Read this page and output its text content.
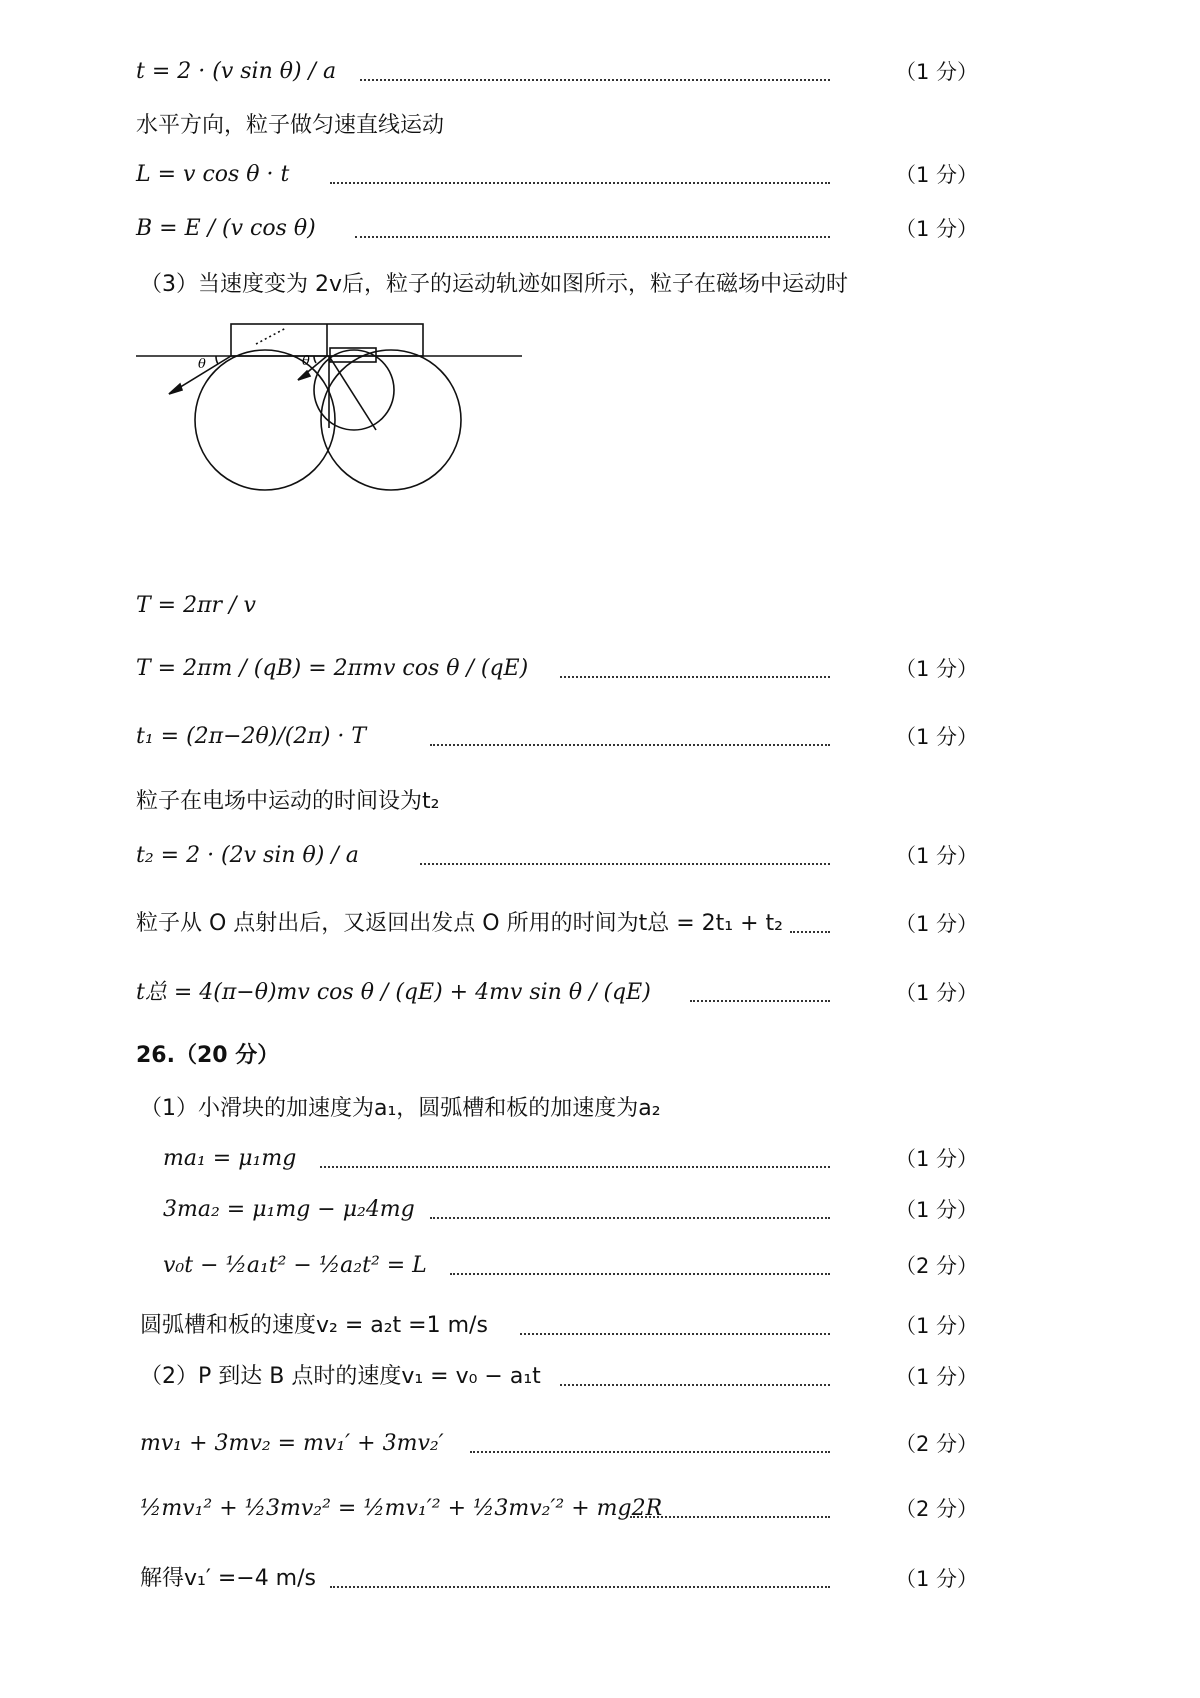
t = 2 · (v sin θ) / a	（1 分）
水平方向，粒子做匀速直线运动
L = v cos θ · t	（1 分）
B = E / (v cos θ)	（1 分）
（3）当速度变为 2v后，粒子的运动轨迹如图所示，粒子在磁场中运动时
θ	θ
T = 2πr / v
T = 2πm / (qB) = 2πmv cos θ / (qE)	（1 分）
t₁ = (2π−2θ)/(2π) · T	（1 分）
粒子在电场中运动的时间设为t₂
t₂ = 2 · (2v sin θ) / a	（1 分）
粒子从 O 点射出后，又返回出发点 O 所用的时间为t总 = 2t₁ + t₂	（1 分）
t总 = 4(π−θ)mv cos θ / (qE) + 4mv sin θ / (qE)	（1 分）
26.（20 分）
（1）小滑块的加速度为a₁，圆弧槽和板的加速度为a₂
ma₁ = μ₁mg	（1 分）
3ma₂ = μ₁mg − μ₂4mg	（1 分）
v₀t − ½a₁t² − ½a₂t² = L	（2 分）
圆弧槽和板的速度v₂ = a₂t =1 m/s	（1 分）
（2）P 到达 B 点时的速度v₁ = v₀ − a₁t	（1 分）
mv₁ + 3mv₂ = mv₁′ + 3mv₂′	（2 分）
½mv₁² + ½3mv₂² = ½mv₁′² + ½3mv₂′² + mg2R	（2 分）
解得v₁′ =−4 m/s	（1 分）
